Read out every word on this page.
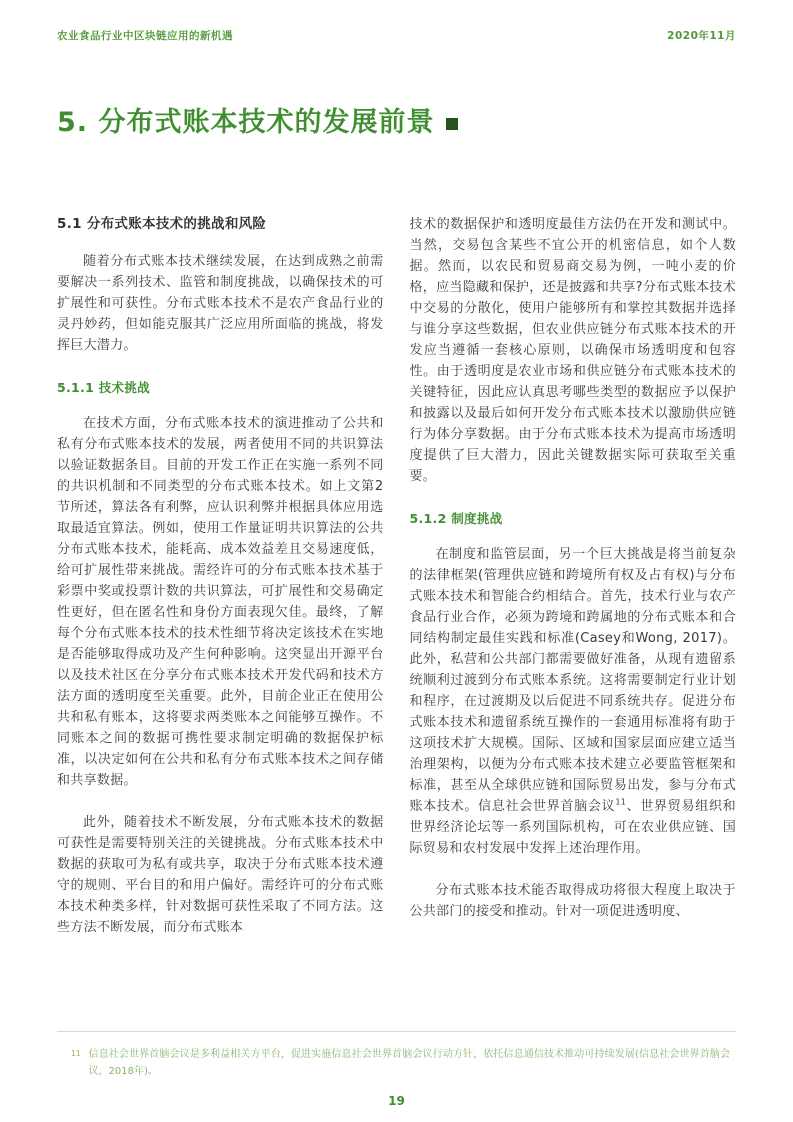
农业食品行业中区块链应用的新机遇	2020年11月
5. 分布式账本技术的发展前景
5.1 分布式账本技术的挑战和风险

随着分布式账本技术继续发展，在达到成熟之前需要解决一系列技术、监管和制度挑战，以确保技术的可扩展性和可获性。分布式账本技术不是农产食品行业的灵丹妙药，但如能克服其广泛应用所面临的挑战，将发挥巨大潜力。

5.1.1 技术挑战

在技术方面，分布式账本技术的演进推动了公共和私有分布式账本技术的发展，两者使用不同的共识算法以验证数据条目。目前的开发工作正在实施一系列不同的共识机制和不同类型的分布式账本技术。如上文第2节所述，算法各有利弊，应认识利弊并根据具体应用选取最适宜算法。例如，使用工作量证明共识算法的公共分布式账本技术，能耗高、成本效益差且交易速度低，给可扩展性带来挑战。需经许可的分布式账本技术基于彩票中奖或投票计数的共识算法，可扩展性和交易确定性更好，但在匿名性和身份方面表现欠佳。最终，了解每个分布式账本技术的技术性细节将决定该技术在实地是否能够取得成功及产生何种影响。这突显出开源平台以及技术社区在分享分布式账本技术开发代码和技术方法方面的透明度至关重要。此外，目前企业正在使用公共和私有账本，这将要求两类账本之间能够互操作。不同账本之间的数据可携性要求制定明确的数据保护标准，以决定如何在公共和私有分布式账本技术之间存储和共享数据。

此外，随着技术不断发展，分布式账本技术的数据可获性是需要特别关注的关键挑战。分布式账本技术中数据的获取可为私有或共享，取决于分布式账本技术遵守的规则、平台目的和用户偏好。需经许可的分布式账本技术种类多样，针对数据可获性采取了不同方法。这些方法不断发展，而分布式账本

技术的数据保护和透明度最佳方法仍在开发和测试中。当然，交易包含某些不宜公开的机密信息，如个人数据。然而，以农民和贸易商交易为例，一吨小麦的价格，应当隐藏和保护，还是披露和共享?分布式账本技术中交易的分散化，使用户能够所有和掌控其数据并选择与谁分享这些数据，但农业供应链分布式账本技术的开发应当遵循一套核心原则，以确保市场透明度和包容性。由于透明度是农业市场和供应链分布式账本技术的关键特征，因此应认真思考哪些类型的数据应予以保护和披露以及最后如何开发分布式账本技术以激励供应链行为体分享数据。由于分布式账本技术为提高市场透明度提供了巨大潜力，因此关键数据实际可获取至关重要。

5.1.2 制度挑战

在制度和监管层面，另一个巨大挑战是将当前复杂的法律框架(管理供应链和跨境所有权及占有权)与分布式账本技术和智能合约相结合。首先，技术行业与农产食品行业合作，必须为跨境和跨属地的分布式账本和合同结构制定最佳实践和标准(Casey和Wong, 2017)。此外，私营和公共部门都需要做好准备，从现有遗留系统顺利过渡到分布式账本系统。这将需要制定行业计划和程序，在过渡期及以后促进不同系统共存。促进分布式账本技术和遗留系统互操作的一套通用标准将有助于这项技术扩大规模。国际、区域和国家层面应建立适当治理架构，以便为分布式账本技术建立必要监管框架和标准，甚至从全球供应链和国际贸易出发，参与分布式账本技术。信息社会世界首脑会议$^{11}$、世界贸易组织和世界经济论坛等一系列国际机构，可在农业供应链、国际贸易和农村发展中发挥上述治理作用。

分布式账本技术能否取得成功将很大程度上取决于公共部门的接受和推动。针对一项促进透明度、

11 信息社会世界首脑会议是多利益相关方平台，促进实施信息社会世界首脑会议行动方针，依托信息通信技术推动可持续发展(信息社会世界首脑会议，2018年)。
19
